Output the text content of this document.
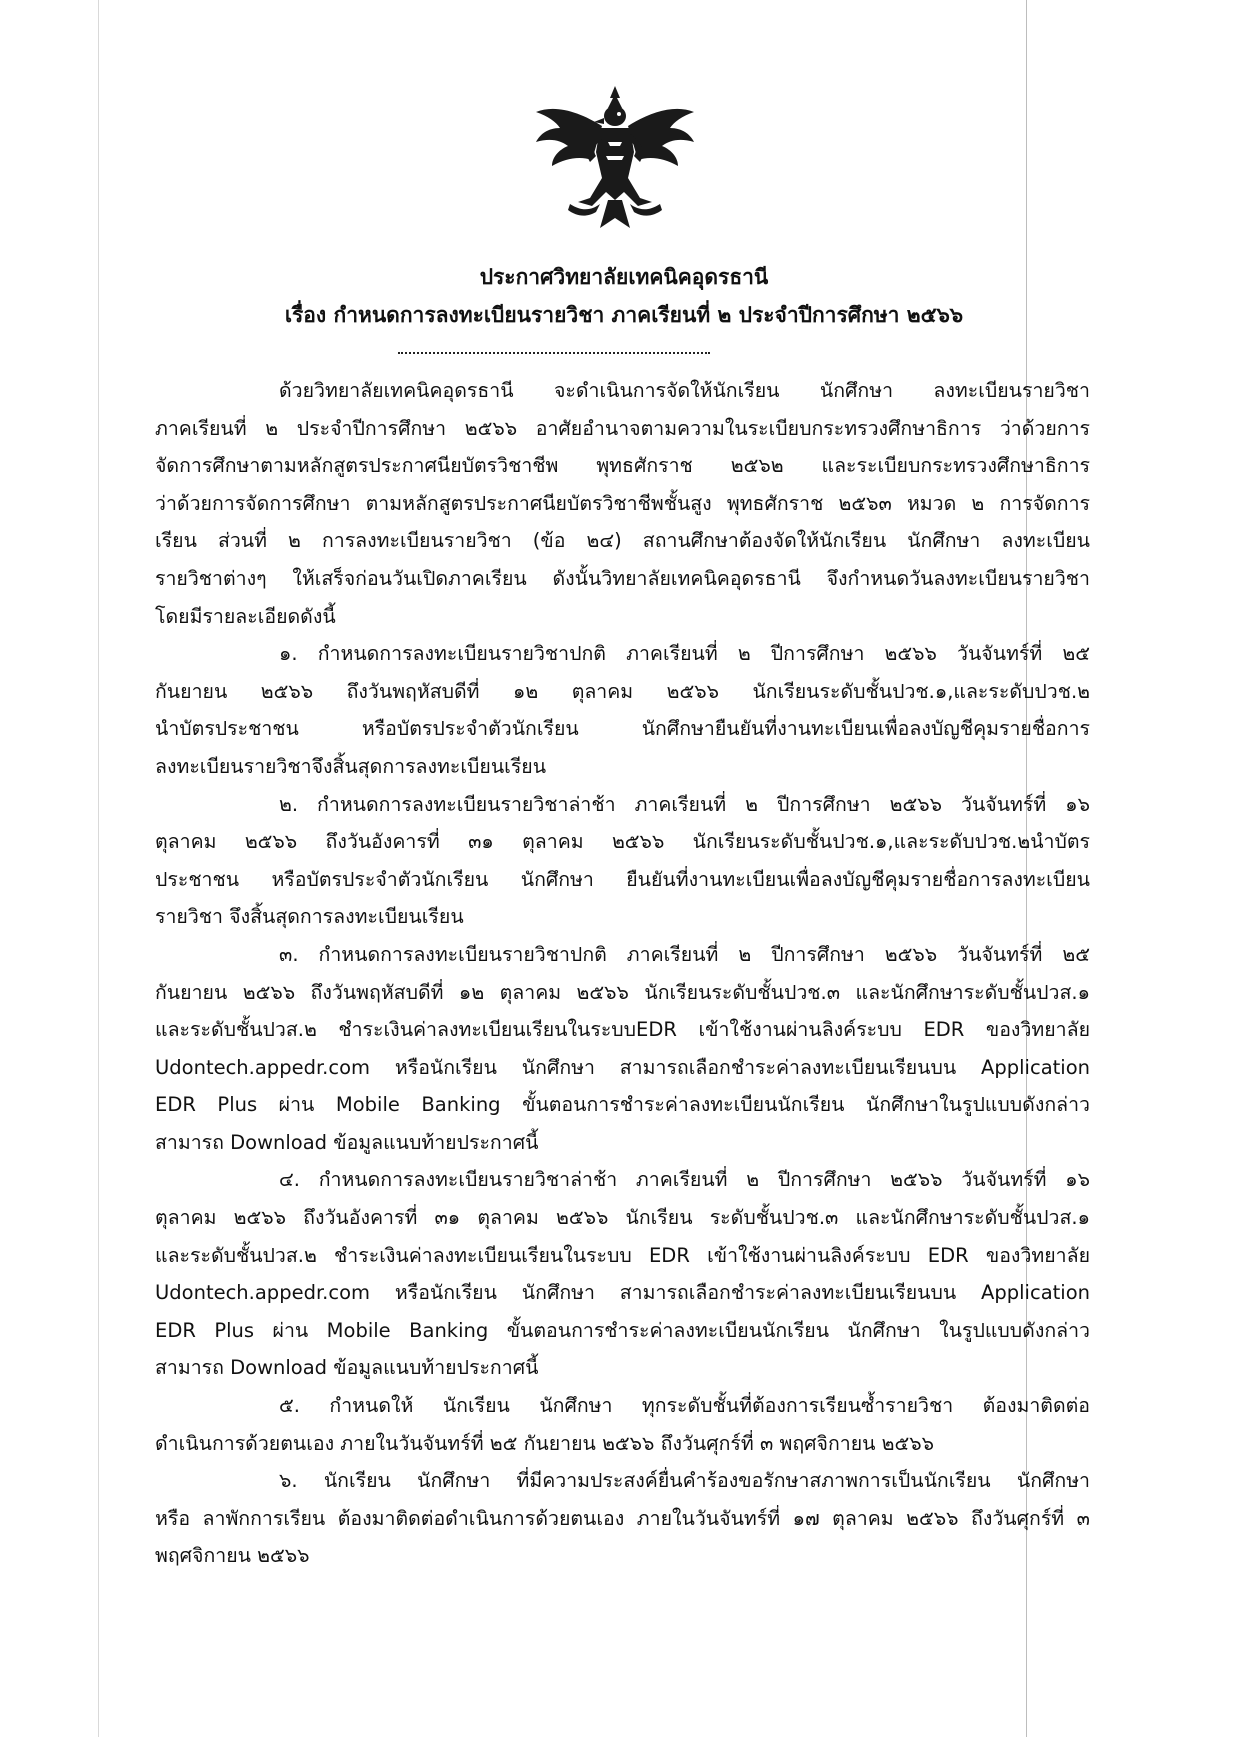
ประกาศวิทยาลัยเทคนิคอุดรธานี
เรื่อง กำหนดการลงทะเบียนรายวิชา ภาคเรียนที่ ๒ ประจำปีการศึกษา ๒๕๖๖
ด้วยวิทยาลัยเทคนิคอุดรธานี จะดำเนินการจัดให้นักเรียน นักศึกษา ลงทะเบียนรายวิชา
ภาคเรียนที่ ๒ ประจำปีการศึกษา ๒๕๖๖ อาศัยอำนาจตามความในระเบียบกระทรวงศึกษาธิการ ว่าด้วยการ
จัดการศึกษาตามหลักสูตรประกาศนียบัตรวิชาชีพ พุทธศักราช ๒๕๖๒ และระเบียบกระทรวงศึกษาธิการ
ว่าด้วยการจัดการศึกษา ตามหลักสูตรประกาศนียบัตรวิชาชีพชั้นสูง พุทธศักราช ๒๕๖๓ หมวด ๒ การจัดการ
เรียน ส่วนที่ ๒ การลงทะเบียนรายวิชา (ข้อ ๒๔) สถานศึกษาต้องจัดให้นักเรียน นักศึกษา ลงทะเบียน
รายวิชาต่างๆ ให้เสร็จก่อนวันเปิดภาคเรียน ดังนั้นวิทยาลัยเทคนิคอุดรธานี จึงกำหนดวันลงทะเบียนรายวิชา
โดยมีรายละเอียดดังนี้
๑. กำหนดการลงทะเบียนรายวิชาปกติ ภาคเรียนที่ ๒ ปีการศึกษา ๒๕๖๖ วันจันทร์ที่ ๒๕
กันยายน ๒๕๖๖ ถึงวันพฤหัสบดีที่ ๑๒ ตุลาคม ๒๕๖๖ นักเรียนระดับชั้นปวช.๑,และระดับปวช.๒
นำบัตรประชาชน หรือบัตรประจำตัวนักเรียน นักศึกษายืนยันที่งานทะเบียนเพื่อลงบัญชีคุมรายชื่อการ
ลงทะเบียนรายวิชาจึงสิ้นสุดการลงทะเบียนเรียน
๒. กำหนดการลงทะเบียนรายวิชาล่าช้า ภาคเรียนที่ ๒ ปีการศึกษา ๒๕๖๖ วันจันทร์ที่ ๑๖
ตุลาคม ๒๕๖๖ ถึงวันอังคารที่ ๓๑ ตุลาคม ๒๕๖๖ นักเรียนระดับชั้นปวช.๑,และระดับปวช.๒นำบัตร
ประชาชน หรือบัตรประจำตัวนักเรียน นักศึกษา ยืนยันที่งานทะเบียนเพื่อลงบัญชีคุมรายชื่อการลงทะเบียน
รายวิชา จึงสิ้นสุดการลงทะเบียนเรียน
๓. กำหนดการลงทะเบียนรายวิชาปกติ ภาคเรียนที่ ๒ ปีการศึกษา ๒๕๖๖ วันจันทร์ที่ ๒๕
กันยายน ๒๕๖๖ ถึงวันพฤหัสบดีที่ ๑๒ ตุลาคม ๒๕๖๖ นักเรียนระดับชั้นปวช.๓ และนักศึกษาระดับชั้นปวส.๑
และระดับชั้นปวส.๒ ชำระเงินค่าลงทะเบียนเรียนในระบบEDR เข้าใช้งานผ่านลิงค์ระบบ EDR ของวิทยาลัย
Udontech.appedr.com หรือนักเรียน นักศึกษา สามารถเลือกชำระค่าลงทะเบียนเรียนบน Application
EDR Plus ผ่าน Mobile Banking ขั้นตอนการชำระค่าลงทะเบียนนักเรียน นักศึกษาในรูปแบบดังกล่าว
สามารถ Download ข้อมูลแนบท้ายประกาศนี้
๔. กำหนดการลงทะเบียนรายวิชาล่าช้า ภาคเรียนที่ ๒ ปีการศึกษา ๒๕๖๖ วันจันทร์ที่ ๑๖
ตุลาคม ๒๕๖๖ ถึงวันอังคารที่ ๓๑ ตุลาคม ๒๕๖๖ นักเรียน ระดับชั้นปวช.๓ และนักศึกษาระดับชั้นปวส.๑
และระดับชั้นปวส.๒ ชำระเงินค่าลงทะเบียนเรียนในระบบ EDR เข้าใช้งานผ่านลิงค์ระบบ EDR ของวิทยาลัย
Udontech.appedr.com หรือนักเรียน นักศึกษา สามารถเลือกชำระค่าลงทะเบียนเรียนบน Application
EDR Plus ผ่าน Mobile Banking ขั้นตอนการชำระค่าลงทะเบียนนักเรียน นักศึกษา ในรูปแบบดังกล่าว
สามารถ Download ข้อมูลแนบท้ายประกาศนี้
๕. กำหนดให้ นักเรียน นักศึกษา ทุกระดับชั้นที่ต้องการเรียนซ้ำรายวิชา ต้องมาติดต่อ
ดำเนินการด้วยตนเอง ภายในวันจันทร์ที่ ๒๕ กันยายน ๒๕๖๖ ถึงวันศุกร์ที่ ๓ พฤศจิกายน ๒๕๖๖
๖. นักเรียน นักศึกษา ที่มีความประสงค์ยื่นคำร้องขอรักษาสภาพการเป็นนักเรียน นักศึกษา
หรือ ลาพักการเรียน ต้องมาติดต่อดำเนินการด้วยตนเอง ภายในวันจันทร์ที่ ๑๗ ตุลาคม ๒๕๖๖ ถึงวันศุกร์ที่ ๓
พฤศจิกายน ๒๕๖๖
